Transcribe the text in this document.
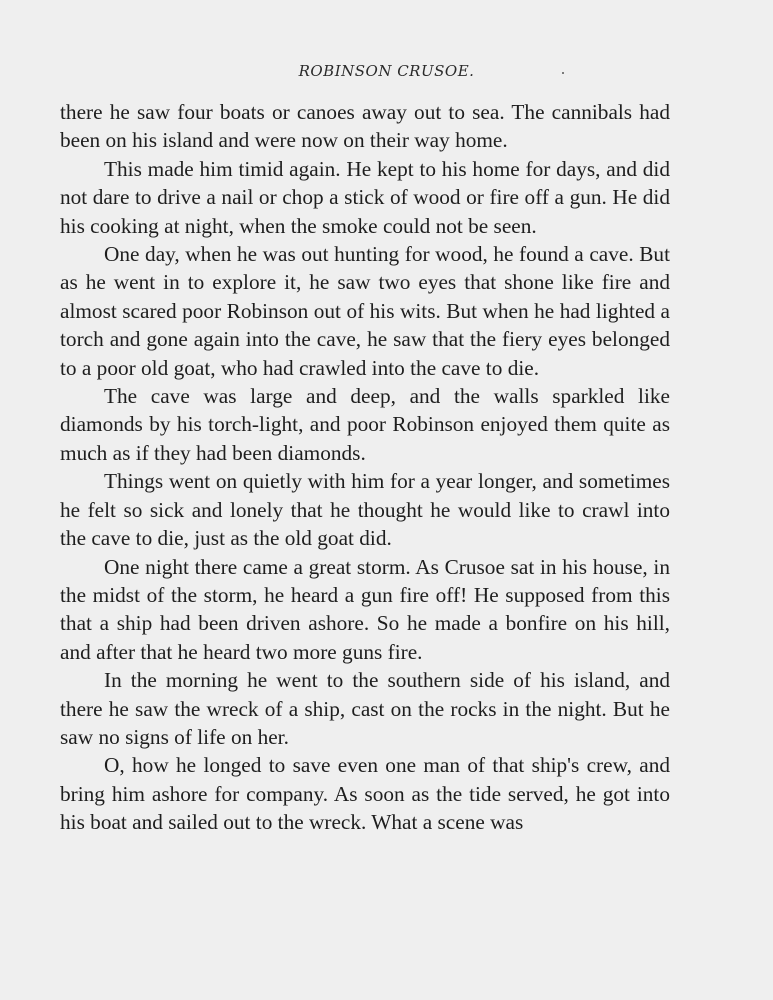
ROBINSON CRUSOE.

there he saw four boats or canoes away out to sea. The cannibals had been on his island and were now on their way home.

This made him timid again. He kept to his home for days, and did not dare to drive a nail or chop a stick of wood or fire off a gun. He did his cooking at night, when the smoke could not be seen.

One day, when he was out hunting for wood, he found a cave. But as he went in to explore it, he saw two eyes that shone like fire and almost scared poor Robinson out of his wits. But when he had lighted a torch and gone again into the cave, he saw that the fiery eyes belonged to a poor old goat, who had crawled into the cave to die.

The cave was large and deep, and the walls sparkled like diamonds by his torch-light, and poor Robinson enjoyed them quite as much as if they had been diamonds.

Things went on quietly with him for a year longer, and sometimes he felt so sick and lonely that he thought he would like to crawl into the cave to die, just as the old goat did.

One night there came a great storm. As Crusoe sat in his house, in the midst of the storm, he heard a gun fire off! He supposed from this that a ship had been driven ashore. So he made a bonfire on his hill, and after that he heard two more guns fire.

In the morning he went to the southern side of his island, and there he saw the wreck of a ship, cast on the rocks in the night. But he saw no signs of life on her.

O, how he longed to save even one man of that ship's crew, and bring him ashore for company. As soon as the tide served, he got into his boat and sailed out to the wreck. What a scene was
